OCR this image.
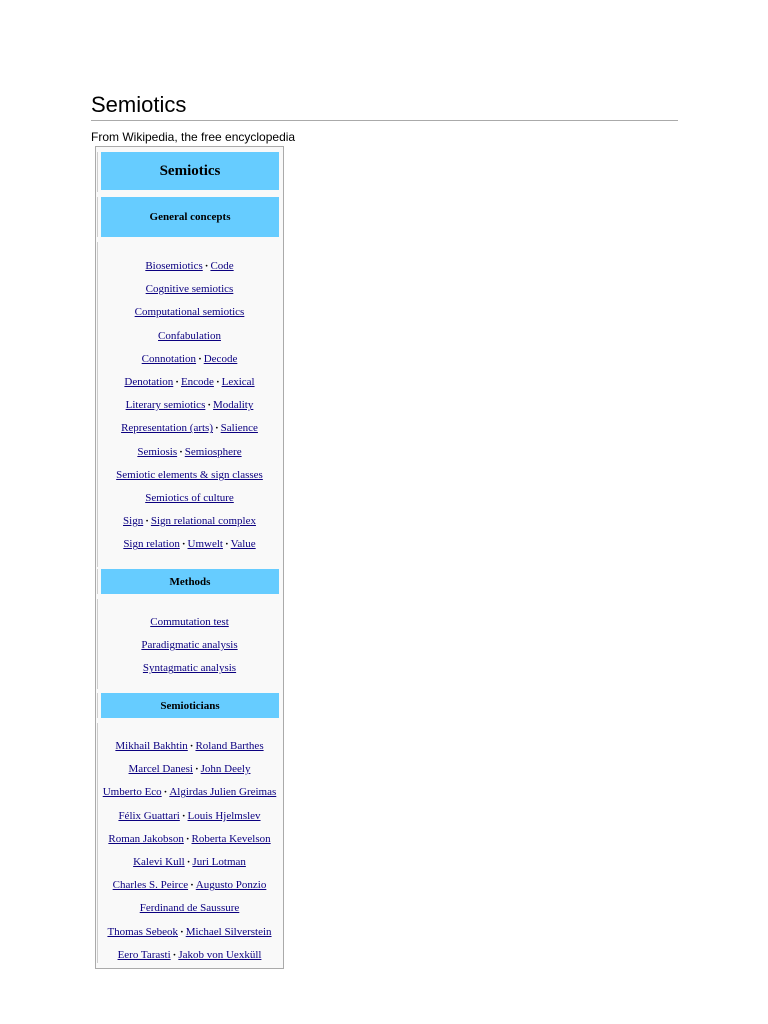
Semiotics
From Wikipedia, the free encyclopedia
Semiotics
General concepts
Biosemiotics · Code
Cognitive semiotics
Computational semiotics
Confabulation
Connotation · Decode
Denotation · Encode · Lexical
Literary semiotics · Modality
Representation (arts) · Salience
Semiosis · Semiosphere
Semiotic elements & sign classes
Semiotics of culture
Sign · Sign relational complex
Sign relation · Umwelt · Value
Methods
Commutation test
Paradigmatic analysis
Syntagmatic analysis
Semioticians
Mikhail Bakhtin · Roland Barthes
Marcel Danesi · John Deely
Umberto Eco · Algirdas Julien Greimas
Félix Guattari · Louis Hjelmslev
Roman Jakobson · Roberta Kevelson
Kalevi Kull · Juri Lotman
Charles S. Peirce · Augusto Ponzio
Ferdinand de Saussure
Thomas Sebeok · Michael Silverstein
Eero Tarasti · Jakob von Uexküll
